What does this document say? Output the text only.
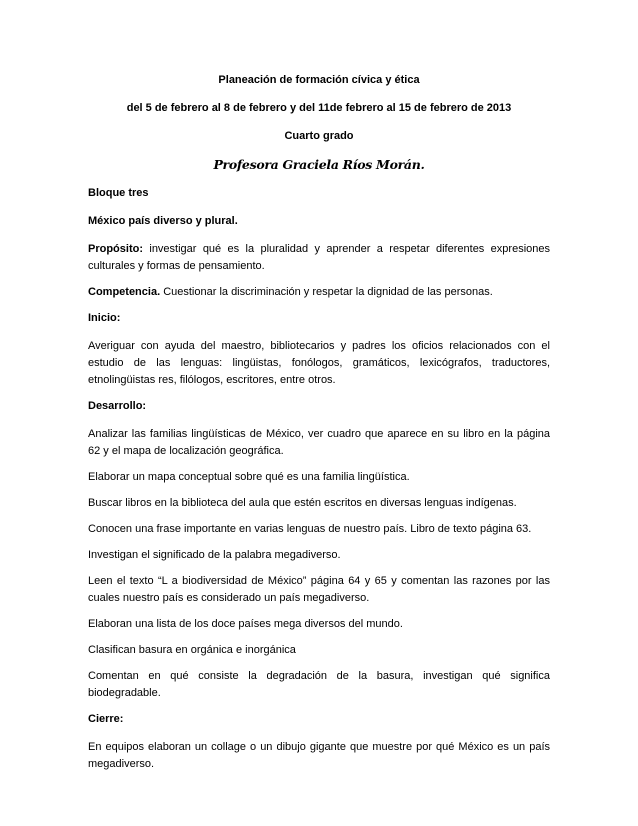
Planeación de formación cívica y ética
del 5 de febrero al 8 de febrero y del 11de febrero al 15 de febrero de 2013
Cuarto grado
Profesora Graciela Ríos Morán.
Bloque tres
México país diverso y plural.
Propósito: investigar qué es la pluralidad y aprender a respetar diferentes expresiones culturales y formas de pensamiento.
Competencia. Cuestionar la discriminación y respetar la dignidad de las personas.
Inicio:
Averiguar con ayuda del maestro, bibliotecarios y padres los oficios relacionados con el estudio de las lenguas: lingüistas, fonólogos, gramáticos, lexicógrafos, traductores, etnolingüistas res, filólogos, escritores, entre otros.
Desarrollo:
Analizar las familias lingüísticas de México, ver cuadro que aparece en su libro en la página 62 y el mapa de localización geográfica.
Elaborar un mapa conceptual sobre qué es una familia lingüística.
Buscar libros en la biblioteca del aula que estén escritos en diversas lenguas indígenas.
Conocen una frase importante en varias lenguas de nuestro país. Libro de texto página 63.
Investigan el significado de la palabra megadiverso.
Leen el texto “L a biodiversidad de México” página 64 y 65 y comentan las razones por las cuales nuestro país es considerado un país megadiverso.
Elaboran una lista de los doce países mega diversos del mundo.
Clasifican basura en orgánica e inorgánica
Comentan en qué consiste la degradación de la basura, investigan qué significa biodegradable.
Cierre:
En equipos elaboran un collage o un dibujo gigante que muestre por qué México es un país megadiverso.
